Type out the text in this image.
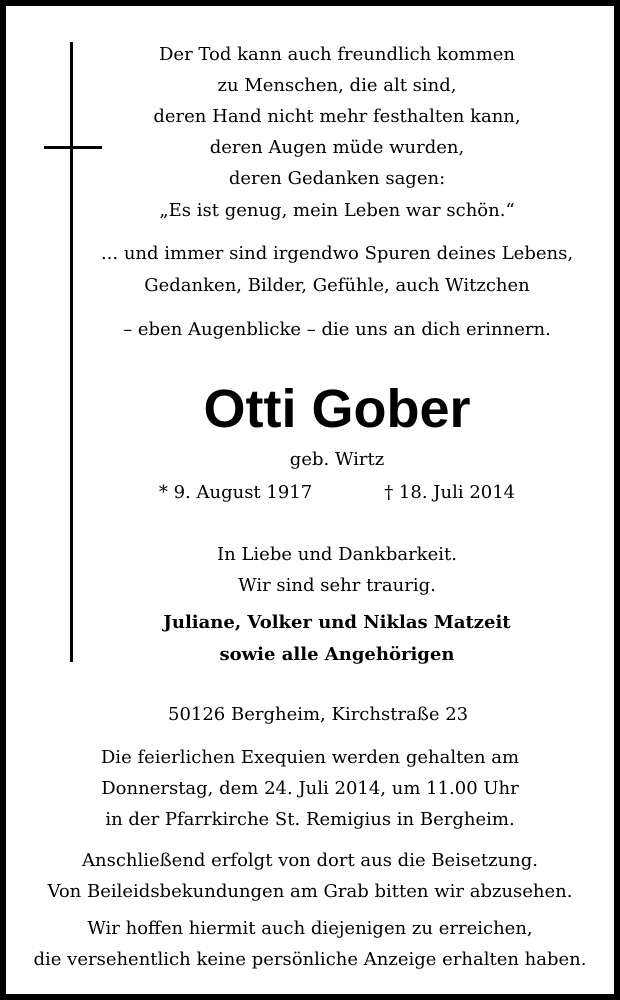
Der Tod kann auch freundlich kommen
zu Menschen, die alt sind,
deren Hand nicht mehr festhalten kann,
deren Augen müde wurden,
deren Gedanken sagen:
„Es ist genug, mein Leben war schön.“
... und immer sind irgendwo Spuren deines Lebens,
Gedanken, Bilder, Gefühle, auch Witzchen
– eben Augenblicke – die uns an dich erinnern.
Otti Gober
geb. Wirtz
* 9. August 1917	† 18. Juli 2014
In Liebe und Dankbarkeit.
Wir sind sehr traurig.
Juliane, Volker und Niklas Matzeit
sowie alle Angehörigen
50126 Bergheim, Kirchstraße 23
Die feierlichen Exequien werden gehalten am
Donnerstag, dem 24. Juli 2014, um 11.00 Uhr
in der Pfarrkirche St. Remigius in Bergheim.
Anschließend erfolgt von dort aus die Beisetzung.
Von Beileidsbekundungen am Grab bitten wir abzusehen.
Wir hoffen hiermit auch diejenigen zu erreichen,
die versehentlich keine persönliche Anzeige erhalten haben.
